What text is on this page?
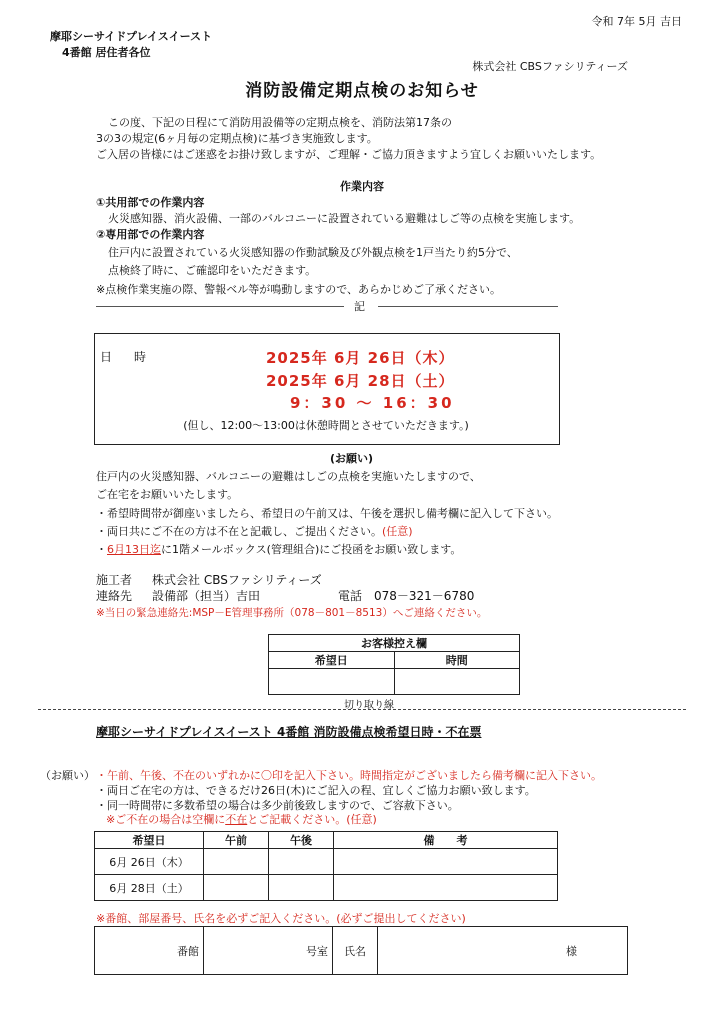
令和 7年 5月 吉日
摩耶シーサイドプレイスイースト
4番館 居住者各位
株式会社 CBSファシリティーズ
消防設備定期点検のお知らせ
この度、下記の日程にて消防用設備等の定期点検を、消防法第17条の
3の3の規定(6ヶ月毎の定期点検)に基づき実施致します。
ご入居の皆様にはご迷惑をお掛け致しますが、ご理解・ご協力頂きますよう宜しくお願いいたします。
作業内容
①共用部での作業内容
火災感知器、消火設備、一部のバルコニーに設置されている避難はしご等の点検を実施します。
②専用部での作業内容
住戸内に設置されている火災感知器の作動試験及び外観点検を1戸当たり約5分で、
点検終了時に、ご確認印をいただきます。
※点検作業実施の際、警報ベル等が鳴動しますので、あらかじめご了承ください。
記
日 時	2025年 6月 26日（木）
2025年 6月 28日（土）
9：30 ～ 16：30
(但し、12:00～13:00は休憩時間とさせていただきます。)
(お願い)
住戸内の火災感知器、バルコニーの避難はしごの点検を実施いたしますので、
ご在宅をお願いいたします。
・希望時間帯が御座いましたら、希望日の午前又は、午後を選択し備考欄に記入して下さい。
・両日共にご不在の方は不在と記載し、ご提出ください。(任意)
・6月13日迄に1階メールボックス(管理組合)にご投函をお願い致します。
施工者 株式会社 CBSファシリティーズ
連絡先 設備部（担当）吉田	電話 078－321－6780
※当日の緊急連絡先:MSP－E管理事務所（078－801－8513）へご連絡ください。
お客様控え欄	
希望日	時間

切り取り線
摩耶シーサイドプレイスイースト 4番館 消防設備点検希望日時・不在票
（お願い） ・午前、午後、不在のいずれかに〇印を記入下さい。時間指定がございましたら備考欄に記入下さい。
・両日ご在宅の方は、できるだけ26日(木)にご記入の程、宜しくご協力お願い致します。
・同一時間帯に多数希望の場合は多少前後致しますので、ご容赦下さい。
※ご不在の場合は空欄に不在とご記載ください。(任意)
希望日	午前	午後	備　　考
6月 26日（木）			
6月 28日（土）			
※番館、部屋番号、氏名を必ずご記入ください。(必ずご提出してください)
番館	号室	氏名	様
